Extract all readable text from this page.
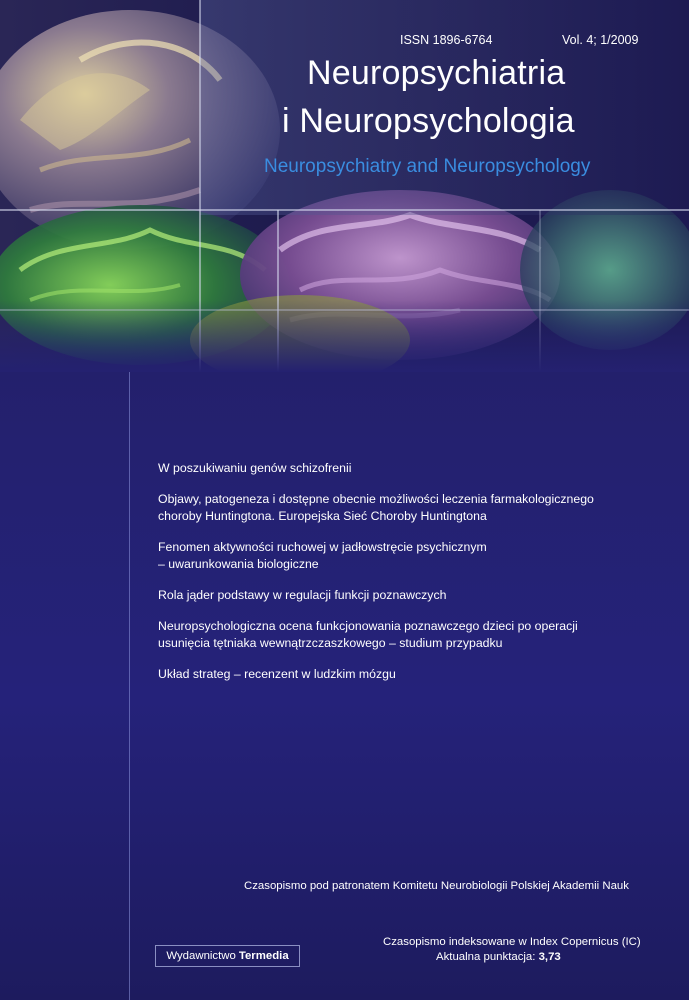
ISSN 1896-6764	Vol. 4; 1/2009
Neuropsychiatria
i Neuropsychologia
Neuropsychiatry and Neuropsychology
W poszukiwaniu genów schizofrenii
Objawy, patogeneza i dostępne obecnie możliwości leczenia farmakologicznego
choroby Huntingtona. Europejska Sieć Choroby Huntingtona
Fenomen aktywności ruchowej w jadłowstręcie psychicznym
– uwarunkowania biologiczne
Rola jąder podstawy w regulacji funkcji poznawczych
Neuropsychologiczna ocena funkcjonowania poznawczego dzieci po operacji
usunięcia tętniaka wewnątrzczaszkowego – studium przypadku
Układ strateg – recenzent w ludzkim mózgu
Czasopismo pod patronatem Komitetu Neurobiologii Polskiej Akademii Nauk
Wydawnictwo Termedia
Czasopismo indeksowane w Index Copernicus (IC)
Aktualna punktacja: 3,73
